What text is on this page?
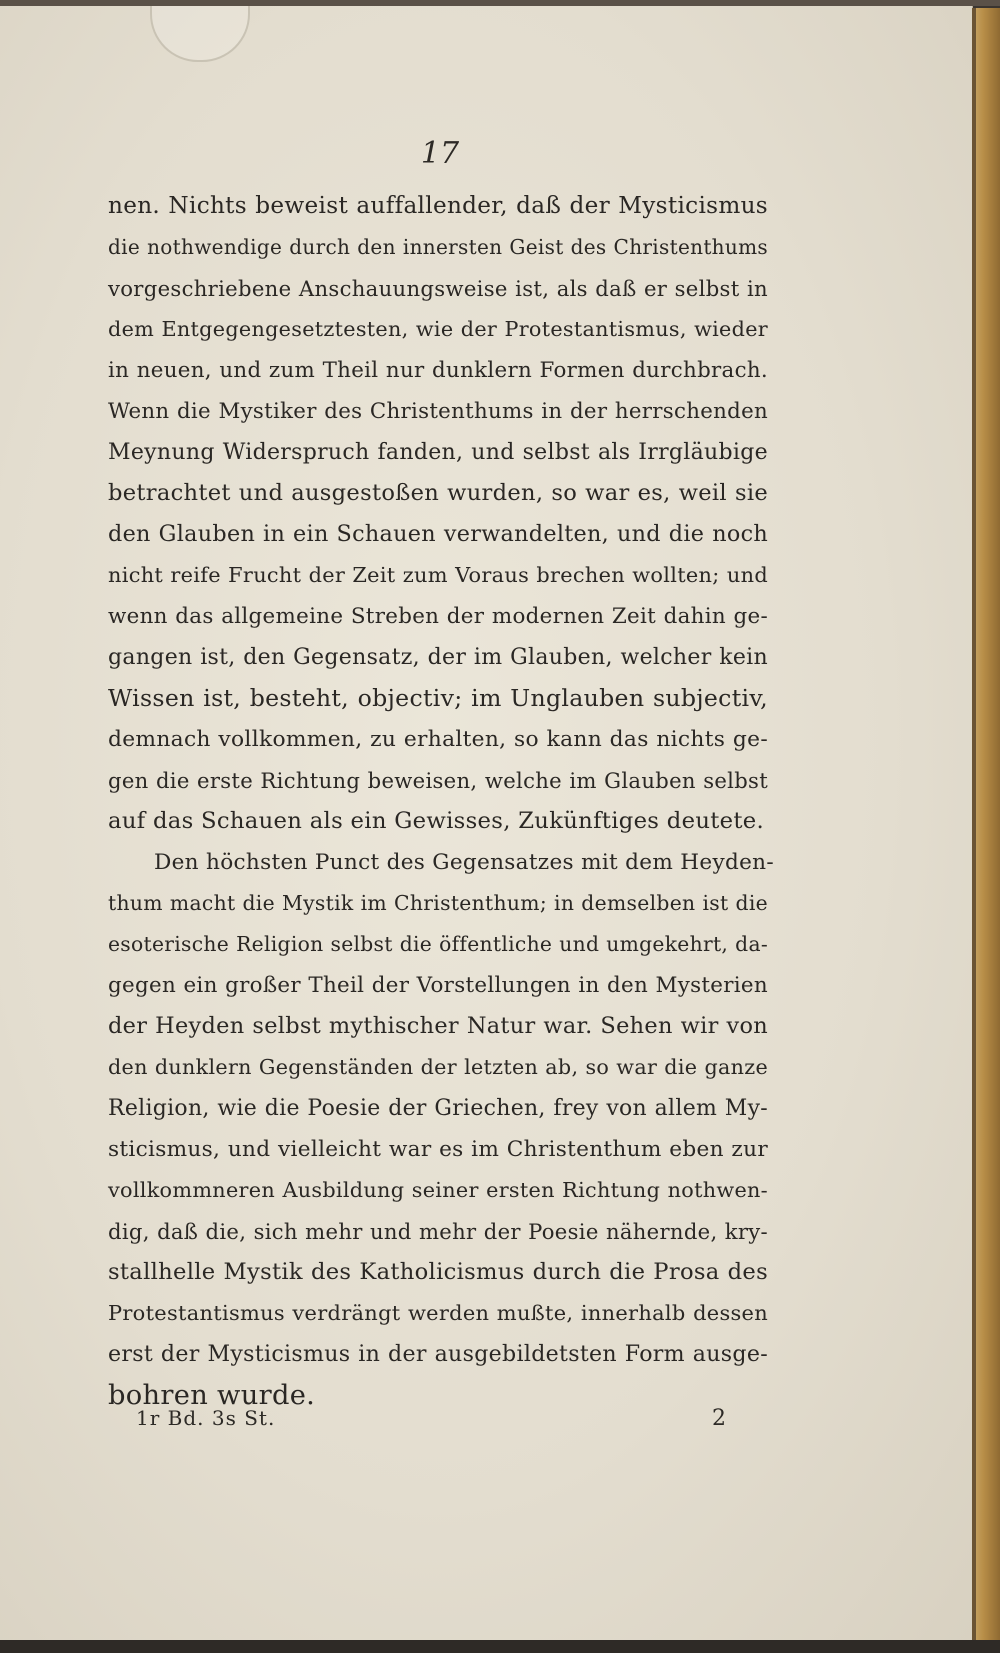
17
nen. Nichts beweist auffallender, daß der Mysticismus
die nothwendige durch den innersten Geist des Christenthums
vorgeschriebene Anschauungsweise ist, als daß er selbst in
dem Entgegengesetztesten, wie der Protestantismus, wieder
in neuen, und zum Theil nur dunklern Formen durchbrach.
Wenn die Mystiker des Christenthums in der herrschenden
Meynung Widerspruch fanden, und selbst als Irrgläubige
betrachtet und ausgestoßen wurden, so war es, weil sie
den Glauben in ein Schauen verwandelten, und die noch
nicht reife Frucht der Zeit zum Voraus brechen wollten; und
wenn das allgemeine Streben der modernen Zeit dahin ge-
gangen ist, den Gegensatz, der im Glauben, welcher kein
Wissen ist, besteht, objectiv; im Unglauben subjectiv,
demnach vollkommen, zu erhalten, so kann das nichts ge-
gen die erste Richtung beweisen, welche im Glauben selbst
auf das Schauen als ein Gewisses, Zukünftiges deutete.
Den höchsten Punct des Gegensatzes mit dem Heyden-
thum macht die Mystik im Christenthum; in demselben ist die
esoterische Religion selbst die öffentliche und umgekehrt, da-
gegen ein großer Theil der Vorstellungen in den Mysterien
der Heyden selbst mythischer Natur war. Sehen wir von
den dunklern Gegenständen der letzten ab, so war die ganze
Religion, wie die Poesie der Griechen, frey von allem My-
sticismus, und vielleicht war es im Christenthum eben zur
vollkommneren Ausbildung seiner ersten Richtung nothwen-
dig, daß die, sich mehr und mehr der Poesie nähernde, kry-
stallhelle Mystik des Katholicismus durch die Prosa des
Protestantismus verdrängt werden mußte, innerhalb dessen
erst der Mysticismus in der ausgebildetsten Form ausge-
bohren wurde.
1r Bd. 3s St.	2
